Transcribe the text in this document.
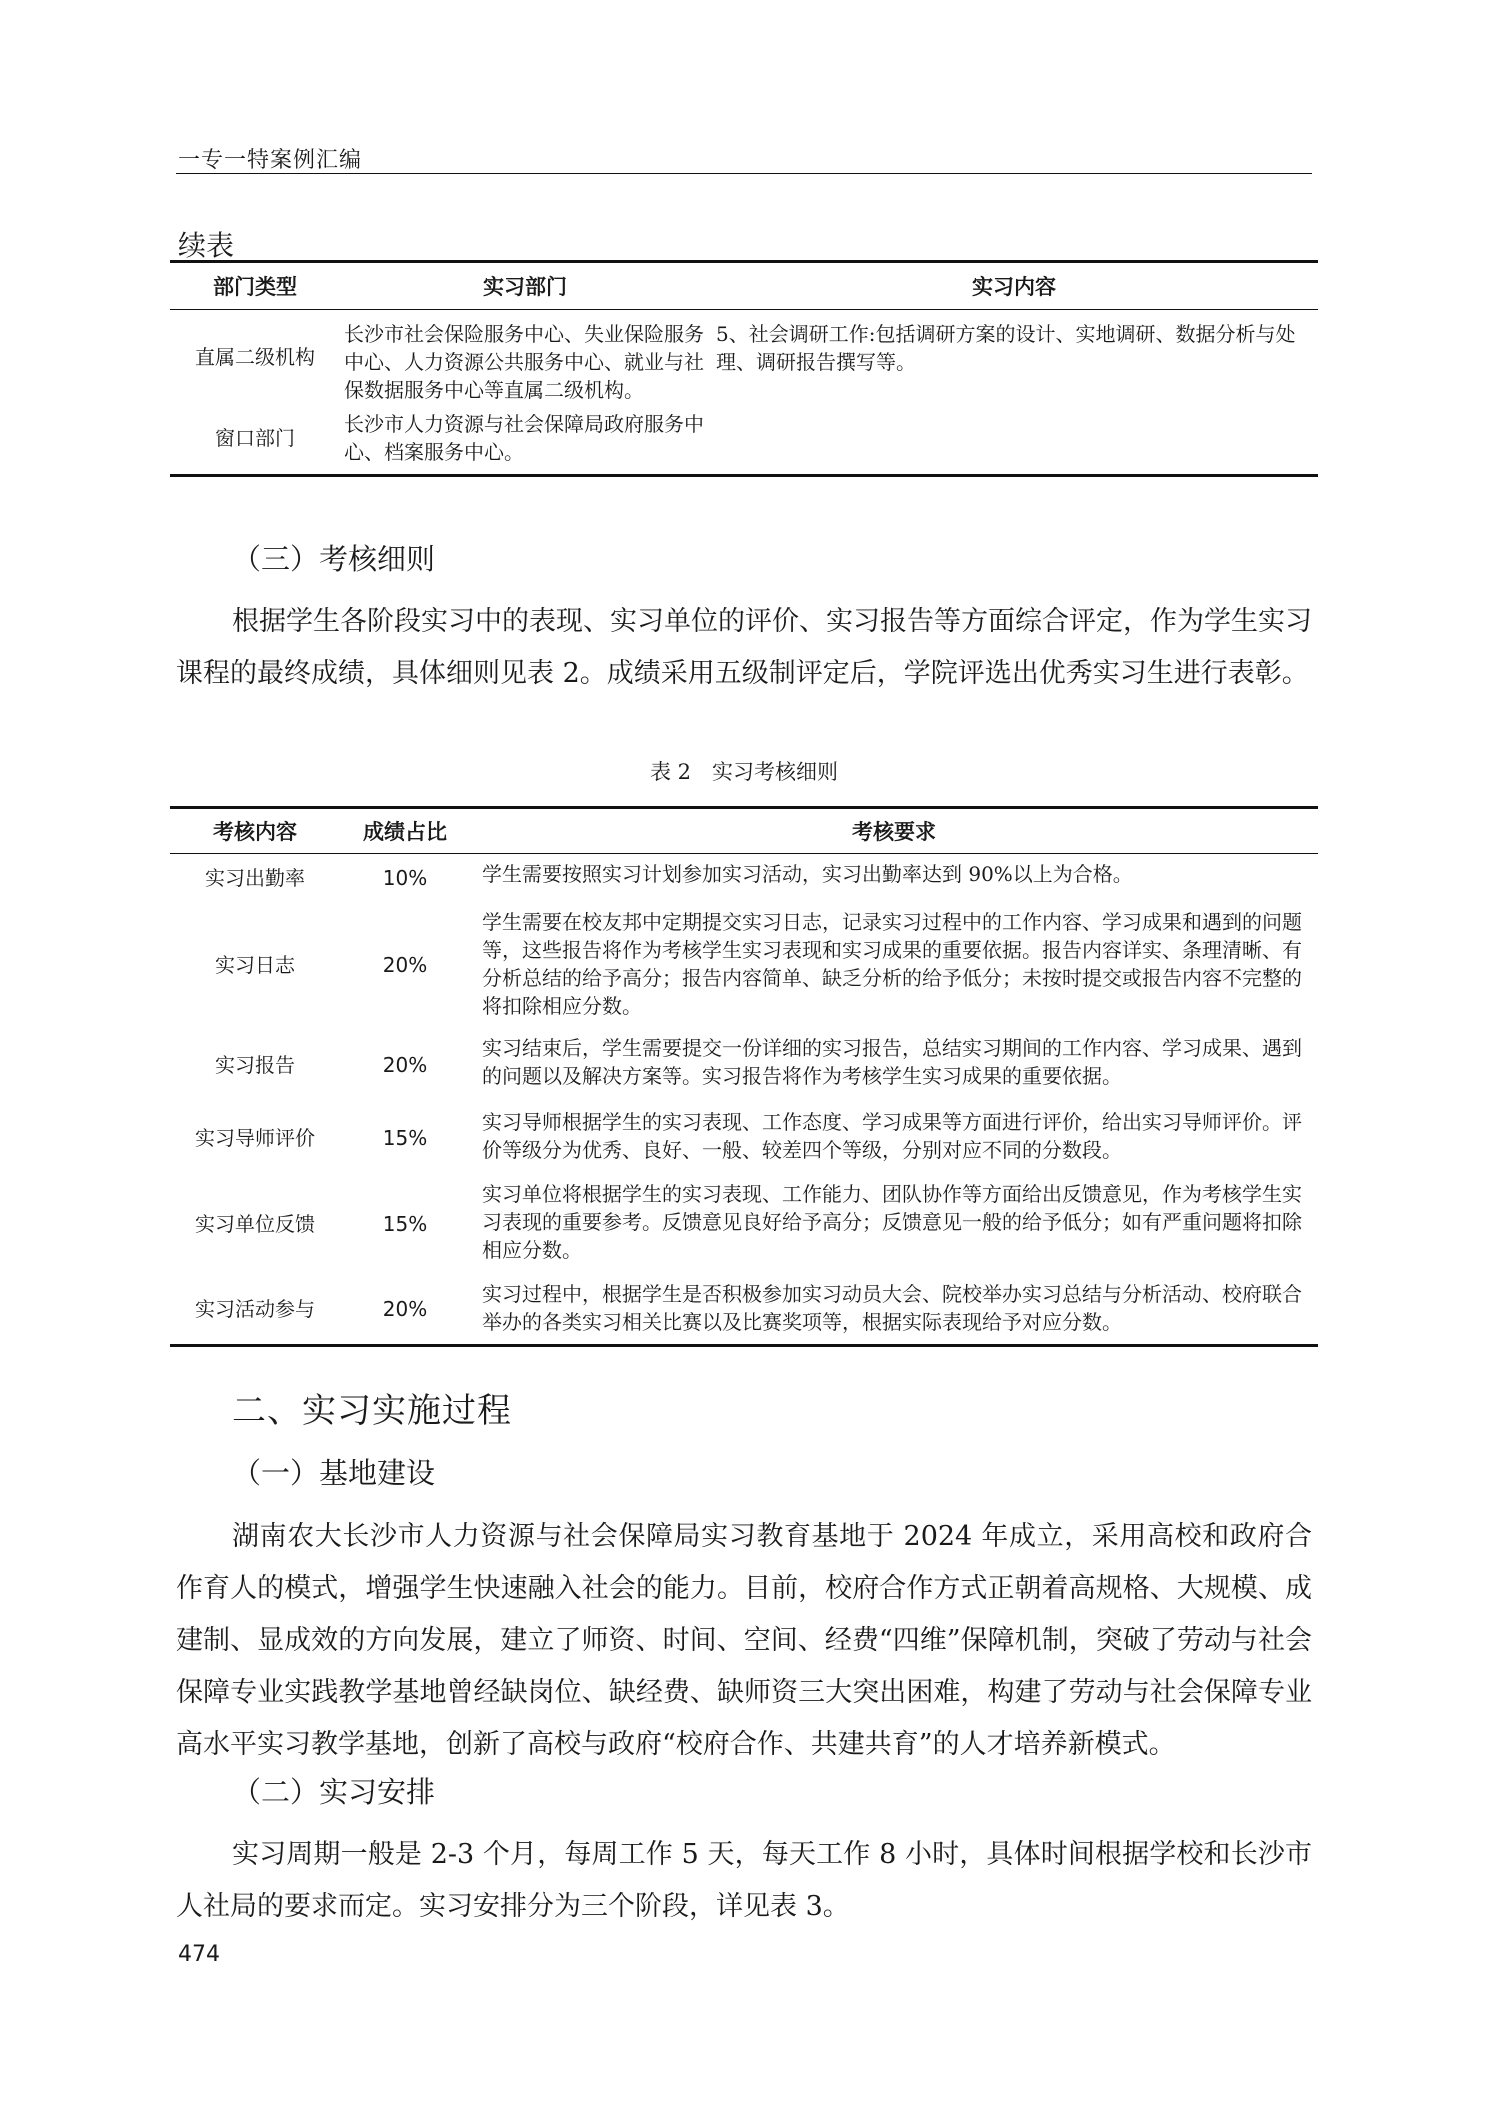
一专一特案例汇编
续表
部门类型	实习部门	实习内容
直属二级机构	长沙市社会保险服务中心、失业保险服务中心、人力资源公共服务中心、就业与社保数据服务中心等直属二级机构。	5、社会调研工作:包括调研方案的设计、实地调研、数据分析与处理、调研报告撰写等。
窗口部门	长沙市人力资源与社会保障局政府服务中心、档案服务中心。	
（三）考核细则
根据学生各阶段实习中的表现、实习单位的评价、实习报告等方面综合评定，作为学生实习课程的最终成绩，具体细则见表 2。成绩采用五级制评定后，学院评选出优秀实习生进行表彰。
表 2　实习考核细则
考核内容	成绩占比	考核要求
实习出勤率	10%	学生需要按照实习计划参加实习活动，实习出勤率达到 90%以上为合格。
实习日志	20%	学生需要在校友邦中定期提交实习日志，记录实习过程中的工作内容、学习成果和遇到的问题等，这些报告将作为考核学生实习表现和实习成果的重要依据。报告内容详实、条理清晰、有分析总结的给予高分；报告内容简单、缺乏分析的给予低分；未按时提交或报告内容不完整的将扣除相应分数。
实习报告	20%	实习结束后，学生需要提交一份详细的实习报告，总结实习期间的工作内容、学习成果、遇到的问题以及解决方案等。实习报告将作为考核学生实习成果的重要依据。
实习导师评价	15%	实习导师根据学生的实习表现、工作态度、学习成果等方面进行评价，给出实习导师评价。评价等级分为优秀、良好、一般、较差四个等级，分别对应不同的分数段。
实习单位反馈	15%	实习单位将根据学生的实习表现、工作能力、团队协作等方面给出反馈意见，作为考核学生实习表现的重要参考。反馈意见良好给予高分；反馈意见一般的给予低分；如有严重问题将扣除相应分数。
实习活动参与	20%	实习过程中，根据学生是否积极参加实习动员大会、院校举办实习总结与分析活动、校府联合举办的各类实习相关比赛以及比赛奖项等，根据实际表现给予对应分数。
二、实习实施过程
（一）基地建设
湖南农大长沙市人力资源与社会保障局实习教育基地于 2024 年成立，采用高校和政府合作育人的模式，增强学生快速融入社会的能力。目前，校府合作方式正朝着高规格、大规模、成建制、显成效的方向发展，建立了师资、时间、空间、经费“四维”保障机制，突破了劳动与社会保障专业实践教学基地曾经缺岗位、缺经费、缺师资三大突出困难，构建了劳动与社会保障专业高水平实习教学基地，创新了高校与政府“校府合作、共建共育”的人才培养新模式。
（二）实习安排
实习周期一般是 2-3 个月，每周工作 5 天，每天工作 8 小时，具体时间根据学校和长沙市人社局的要求而定。实习安排分为三个阶段，详见表 3。
474
